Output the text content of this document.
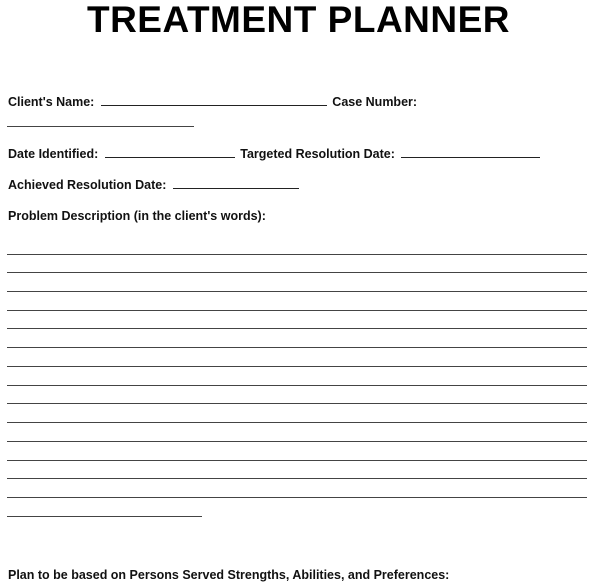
TREATMENT PLANNER
Client's Name:	Case Number:
Date Identified:	Targeted Resolution Date:
Achieved Resolution Date:
Problem Description (in the client's words):
Plan to be based on Persons Served Strengths, Abilities, and Preferences:
